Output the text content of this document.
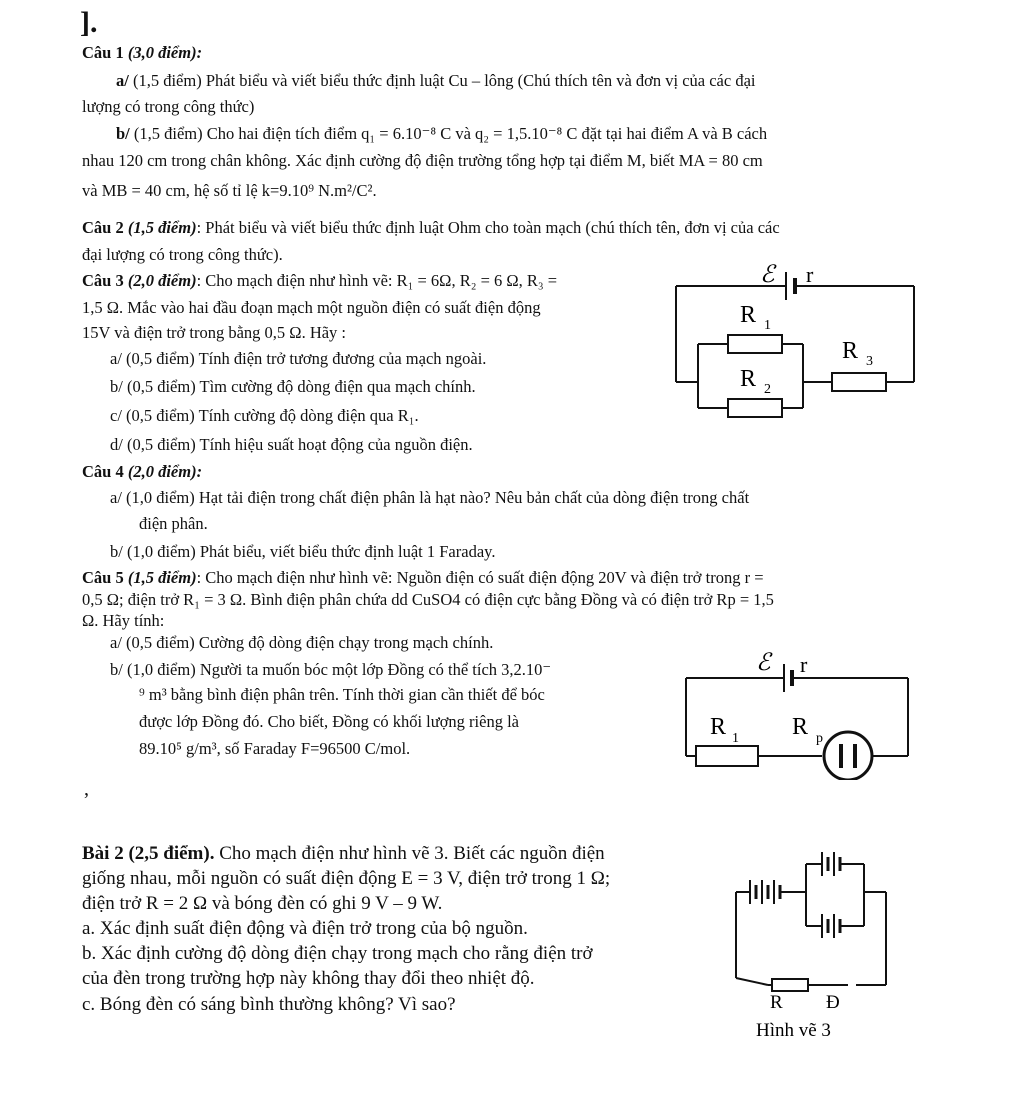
].
Câu 1 (3,0 điểm):
a/ (1,5 điểm) Phát biểu và viết biểu thức định luật Cu – lông (Chú thích tên và đơn vị của các đại
lượng có trong công thức)
b/ (1,5 điểm) Cho hai điện tích điểm q₁ = 6.10⁻⁸ C và q₂ = 1,5.10⁻⁸ C đặt tại hai điểm A và B cách
nhau 120 cm trong chân không. Xác định cường độ điện trường tổng hợp tại điểm M, biết MA = 80 cm
và MB = 40 cm, hệ số tỉ lệ k=9.10⁹ N.m²/C².
Câu 2 (1,5 điểm): Phát biểu và viết biểu thức định luật Ohm cho toàn mạch (chú thích tên, đơn vị của các
đại lượng có trong công thức).
Câu 3 (2,0 điểm): Cho mạch điện như hình vẽ: R₁ = 6Ω, R₂ = 6 Ω, R₃ =
1,5 Ω. Mắc vào hai đầu đoạn mạch một nguồn điện có suất điện động
15V và điện trở trong bằng 0,5 Ω. Hãy :
a/ (0,5 điểm) Tính điện trở tương đương của mạch ngoài.
b/ (0,5 điểm) Tìm cường độ dòng điện qua mạch chính.
c/ (0,5 điểm) Tính cường độ dòng điện qua R₁.
d/ (0,5 điểm) Tính hiệu suất hoạt động của nguồn điện.
ℰ r
R 1
R 2
R 3
Câu 4 (2,0 điểm):
a/ (1,0 điểm) Hạt tải điện trong chất điện phân là hạt nào? Nêu bản chất của dòng điện trong chất
điện phân.
b/ (1,0 điểm) Phát biểu, viết biểu thức định luật 1 Faraday.
Câu 5 (1,5 điểm): Cho mạch điện như hình vẽ: Nguồn điện có suất điện động 20V và điện trở trong r =
0,5 Ω; điện trở R₁ = 3 Ω. Bình điện phân chứa dd CuSO4 có điện cực bằng Đồng và có điện trở Rp = 1,5
Ω. Hãy tính:
a/ (0,5 điểm) Cường độ dòng điện chạy trong mạch chính.
b/ (1,0 điểm) Người ta muốn bóc một lớp Đồng có thể tích 3,2.10⁻
⁹ m³ bằng bình điện phân trên. Tính thời gian cần thiết để bóc
được lớp Đồng đó. Cho biết, Đồng có khối lượng riêng là
89.10⁵ g/m³, số Faraday F=96500 C/mol.
ℰ r
R 1 R p
,
Bài 2 (2,5 điểm). Cho mạch điện như hình vẽ 3. Biết các nguồn điện
giống nhau, mỗi nguồn có suất điện động E = 3 V, điện trở trong 1 Ω;
điện trở R = 2 Ω và bóng đèn có ghi 9 V – 9 W.
a. Xác định suất điện động và điện trở trong của bộ nguồn.
b. Xác định cường độ dòng điện chạy trong mạch cho rằng điện trở
của đèn trong trường hợp này không thay đổi theo nhiệt độ.
c. Bóng đèn có sáng bình thường không? Vì sao?	R Đ
Hình vẽ 3
